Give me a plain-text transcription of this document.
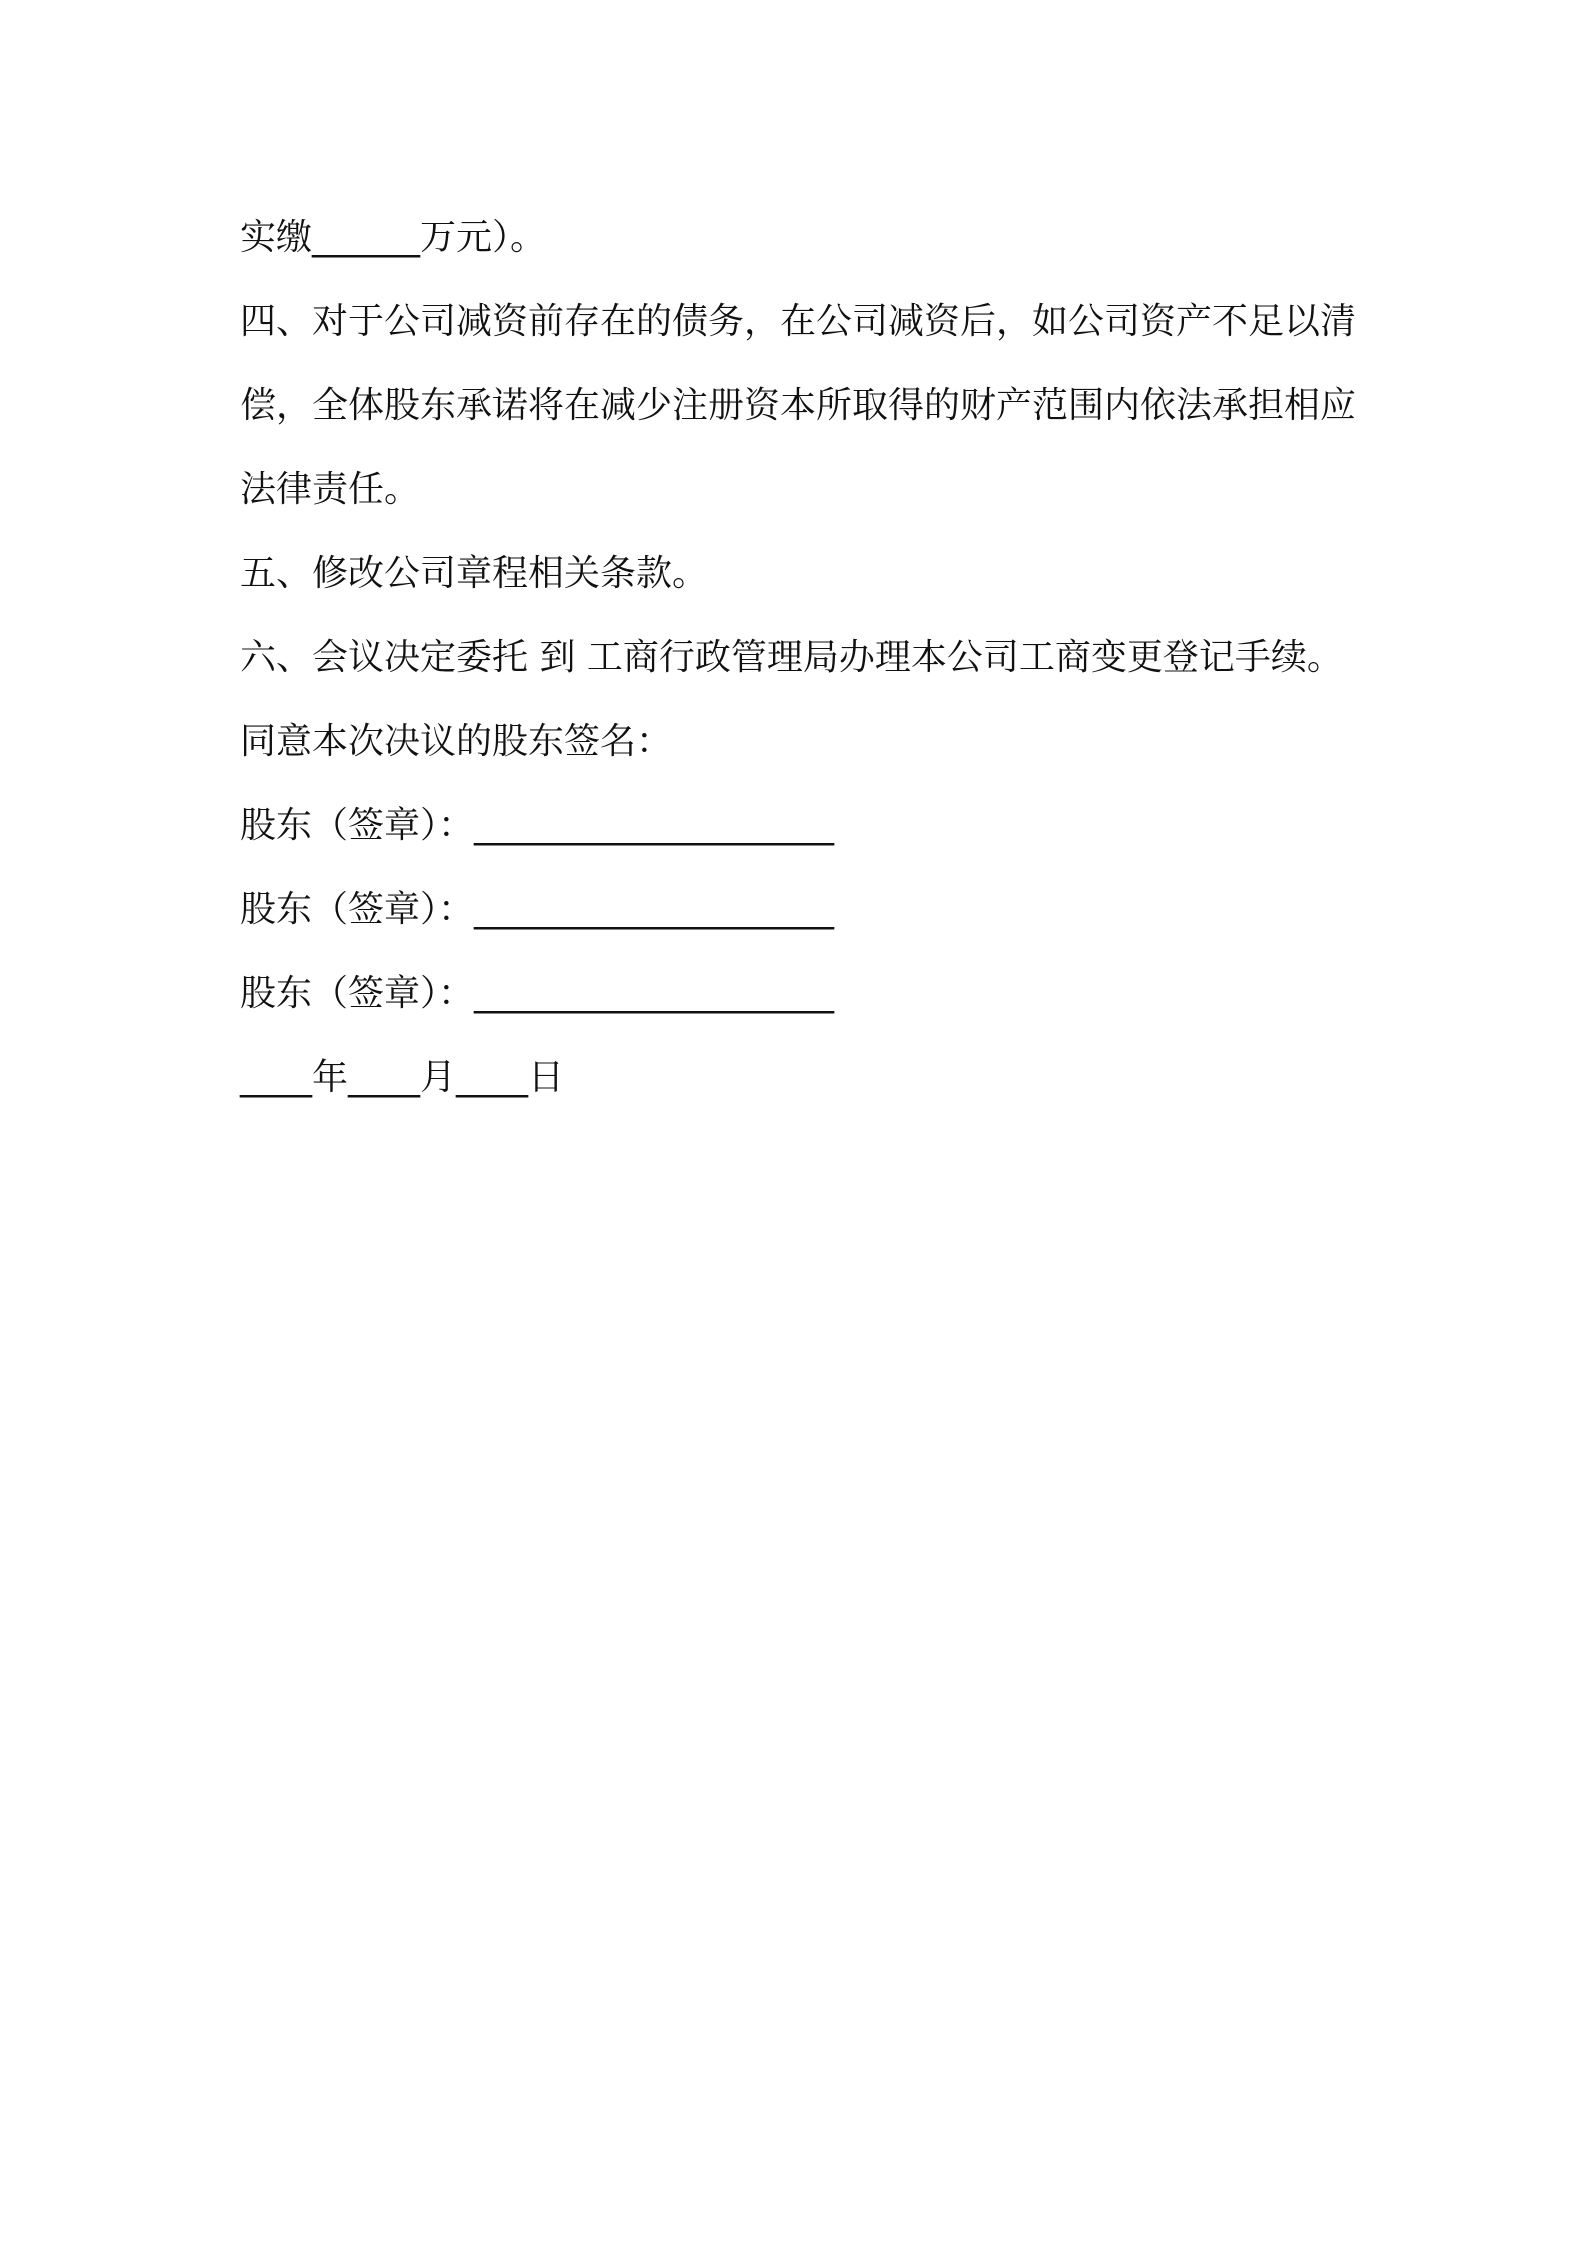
实缴______万元）。
四、对于公司减资前存在的债务，在公司减资后，如公司资产不足以清偿，全体股东承诺将在减少注册资本所取得的财产范围内依法承担相应法律责任。
五、修改公司章程相关条款。
六、会议决定委托 到 工商行政管理局办理本公司工商变更登记手续。
同意本次决议的股东签名：
股东（签章）：____________________
股东（签章）：____________________
股东（签章）：____________________
____年____月____日
